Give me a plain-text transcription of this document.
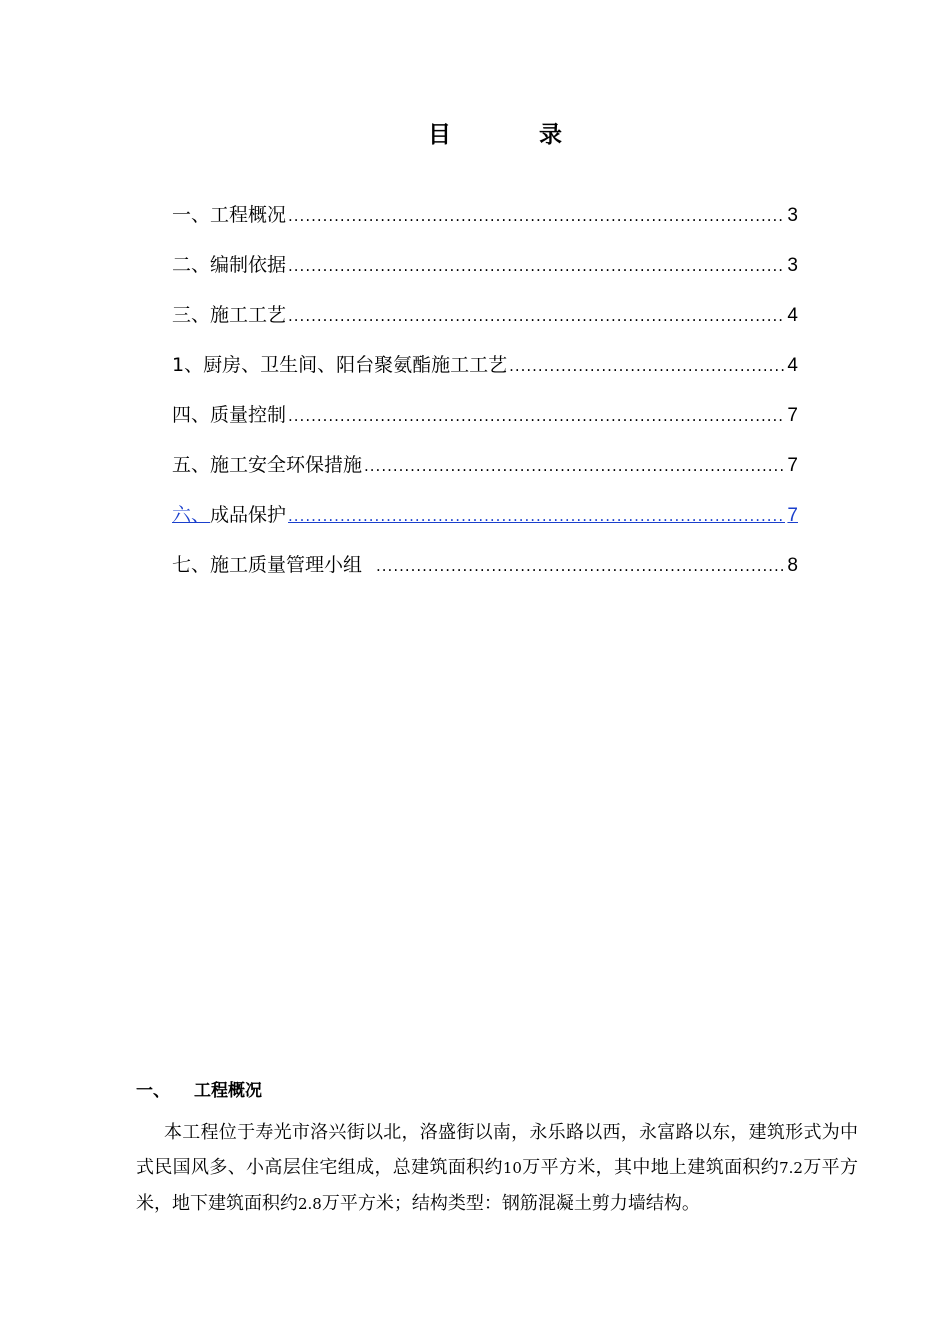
目	录
一、工程概况 .....	3
二、编制依据 .....	3
三、施工工艺 .....	4
1、厨房、卫生间、阳台聚氨酯施工工艺 .....	4
四、质量控制 .....	7
五、施工安全环保措施 .....	7
六、成品保护 .....	7
七、施工质量管理小组 .....	8
一、 工程概况
本工程位于寿光市洛兴街以北，洛盛街以南，永乐路以西，永富路以东，建筑形式为中式民国风多、小高层住宅组成，总建筑面积约10万平方米，其中地上建筑面积约7.2万平方米，地下建筑面积约2.8万平方米；结构类型：钢筋混凝土剪力墙结构。
